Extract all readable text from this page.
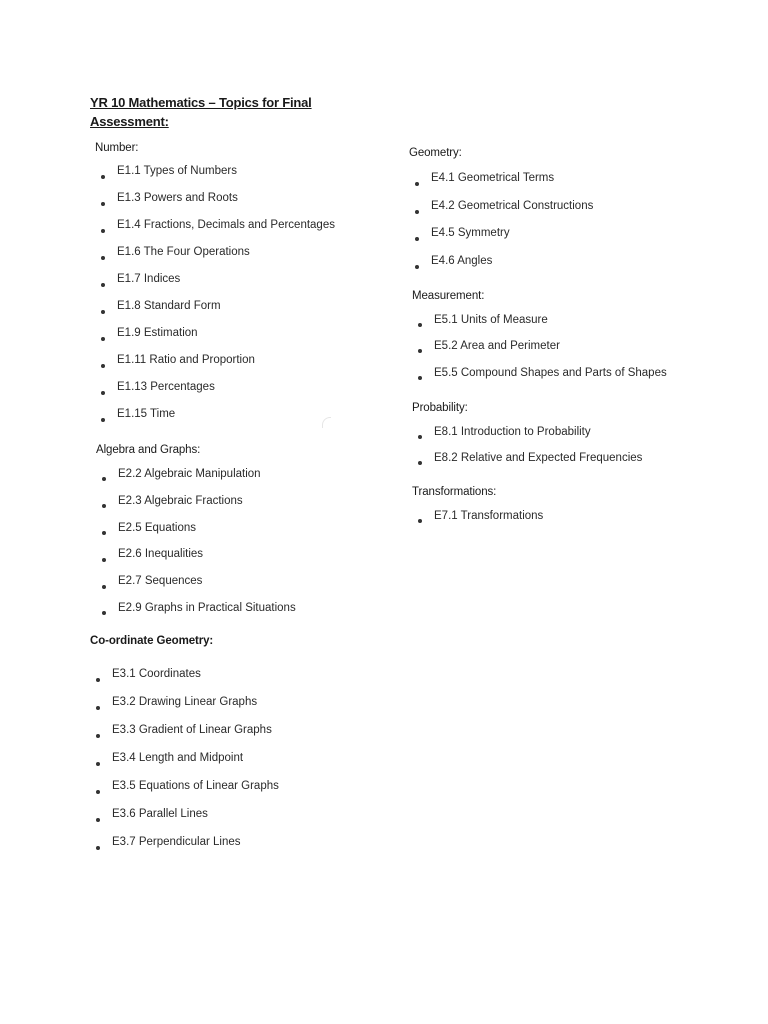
YR 10 Mathematics – Topics for Final
Assessment:

Number:

E1.1 Types of Numbers
E1.3 Powers and Roots
E1.4 Fractions, Decimals and Percentages
E1.6 The Four Operations
E1.7 Indices
E1.8 Standard Form
E1.9 Estimation
E1.11 Ratio and Proportion
E1.13 Percentages
E1.15 Time

Algebra and Graphs:

E2.2 Algebraic Manipulation
E2.3 Algebraic Fractions
E2.5 Equations
E2.6 Inequalities
E2.7 Sequences
E2.9 Graphs in Practical Situations

Co-ordinate Geometry:

E3.1 Coordinates
E3.2 Drawing Linear Graphs
E3.3 Gradient of Linear Graphs
E3.4 Length and Midpoint
E3.5 Equations of Linear Graphs
E3.6 Parallel Lines
E3.7 Perpendicular Lines

Geometry:

E4.1 Geometrical Terms
E4.2 Geometrical Constructions
E4.5 Symmetry
E4.6 Angles

Measurement:

E5.1 Units of Measure
E5.2 Area and Perimeter
E5.5 Compound Shapes and Parts of Shapes

Probability:

E8.1 Introduction to Probability
E8.2 Relative and Expected Frequencies

Transformations:

E7.1 Transformations
